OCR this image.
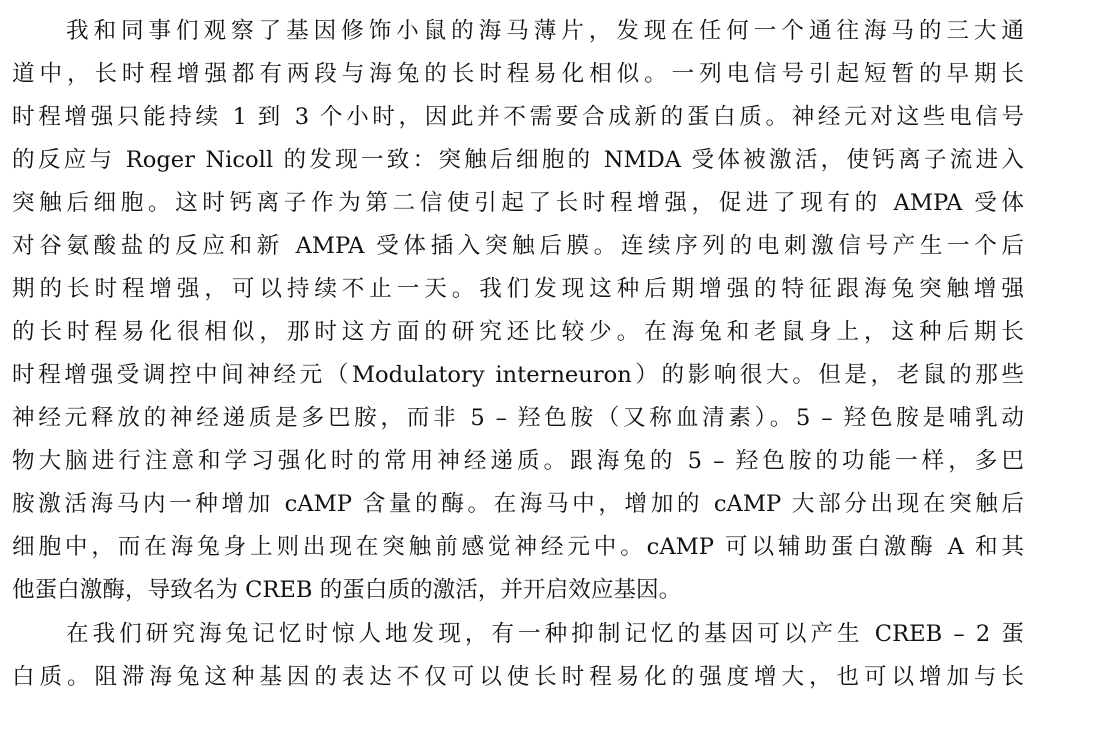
我和同事们观察了基因修饰小鼠的海马薄片，发现在任何一个通往海马的三大通
道中，长时程增强都有两段与海兔的长时程易化相似。一列电信号引起短暂的早期长
时程增强只能持续 1 到 3 个小时，因此并不需要合成新的蛋白质。神经元对这些电信号
的反应与 Roger Nicoll 的发现一致：突触后细胞的 NMDA 受体被激活，使钙离子流进入
突触后细胞。这时钙离子作为第二信使引起了长时程增强，促进了现有的 AMPA 受体
对谷氨酸盐的反应和新 AMPA 受体插入突触后膜。连续序列的电刺激信号产生一个后
期的长时程增强，可以持续不止一天。我们发现这种后期增强的特征跟海兔突触增强
的长时程易化很相似，那时这方面的研究还比较少。在海兔和老鼠身上，这种后期长
时程增强受调控中间神经元（Modulatory interneuron）的影响很大。但是，老鼠的那些
神经元释放的神经递质是多巴胺，而非 5 – 羟色胺（又称血清素）。5 – 羟色胺是哺乳动
物大脑进行注意和学习强化时的常用神经递质。跟海兔的 5 – 羟色胺的功能一样，多巴
胺激活海马内一种增加 cAMP 含量的酶。在海马中，增加的 cAMP 大部分出现在突触后
细胞中，而在海兔身上则出现在突触前感觉神经元中。cAMP 可以辅助蛋白激酶 A 和其
他蛋白激酶，导致名为 CREB 的蛋白质的激活，并开启效应基因。
在我们研究海兔记忆时惊人地发现，有一种抑制记忆的基因可以产生 CREB – 2 蛋
白质。阻滞海兔这种基因的表达不仅可以使长时程易化的强度增大，也可以增加与长
